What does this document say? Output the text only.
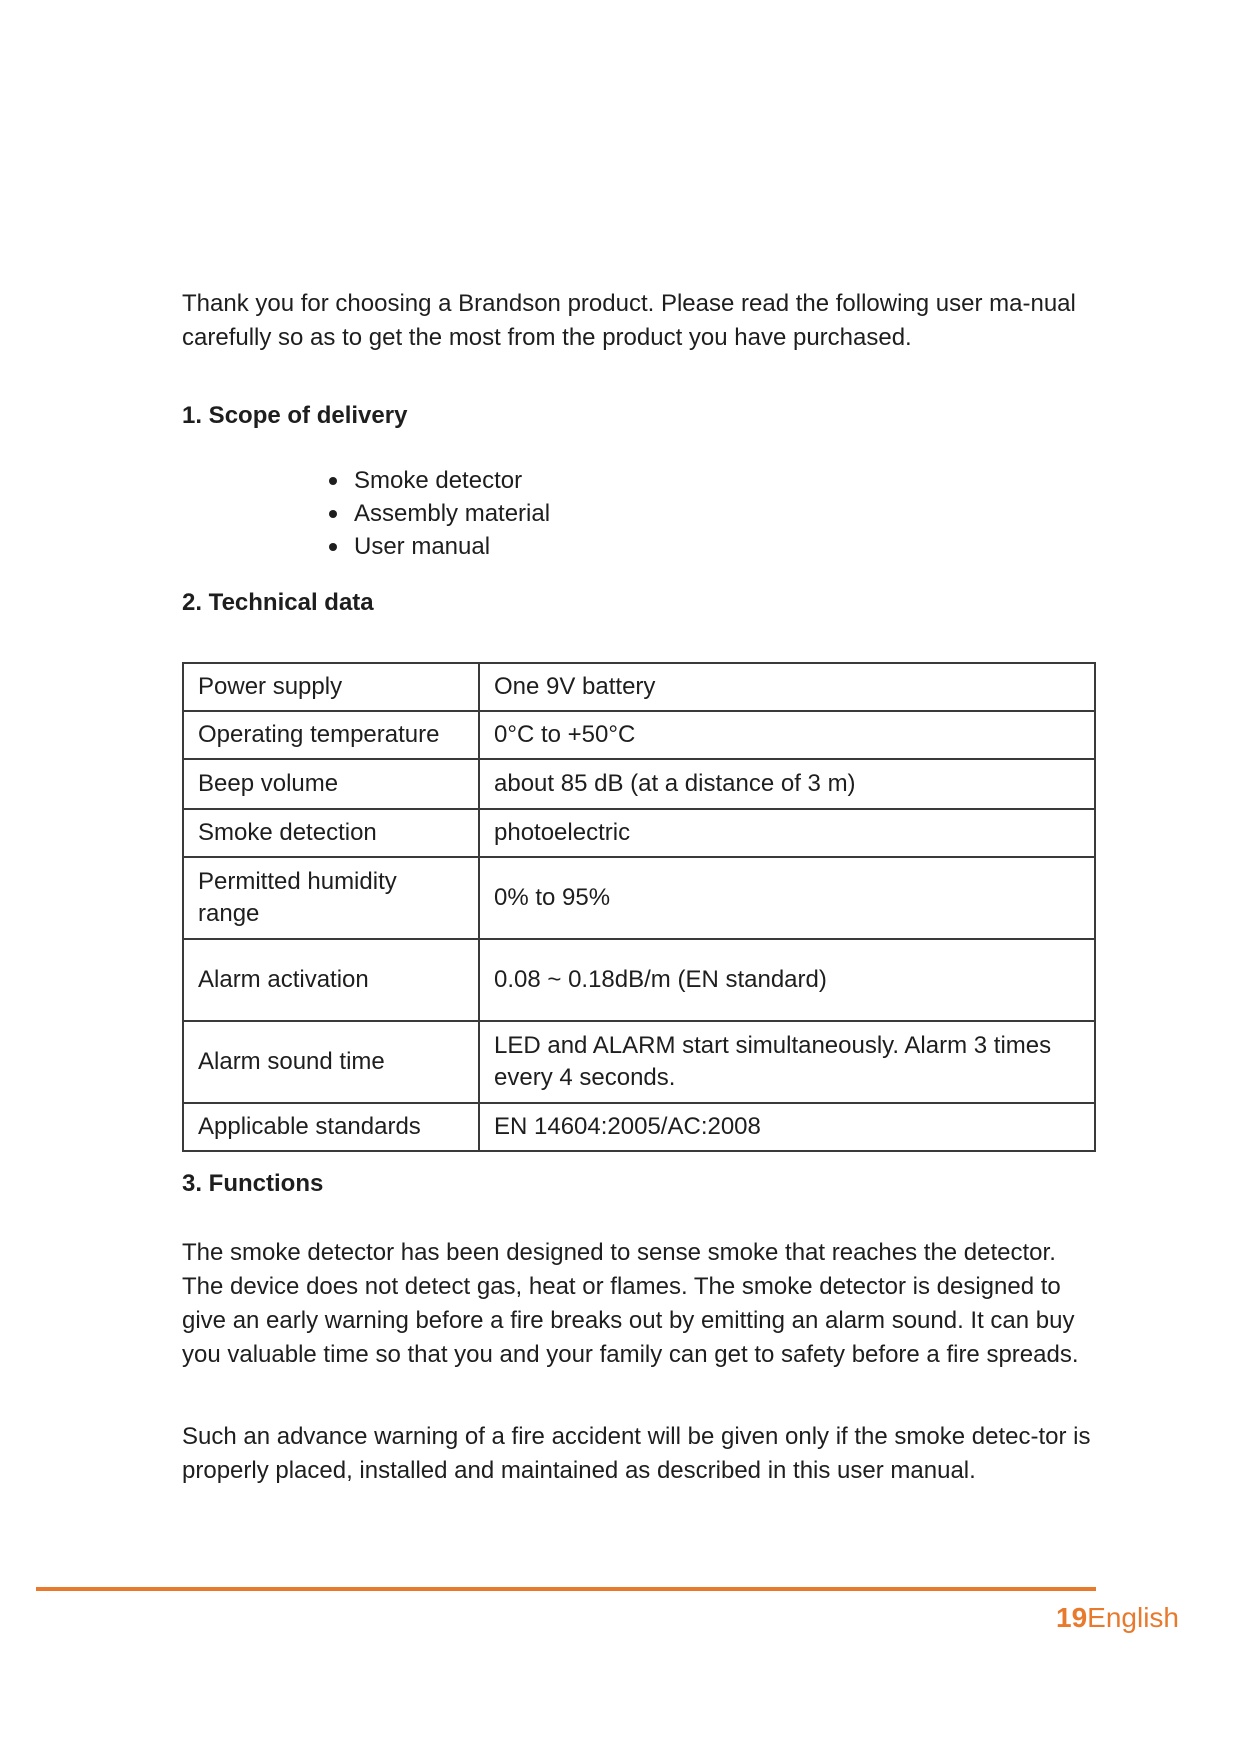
Thank you for choosing a Brandson product. Please read the following user ma-nual carefully so as to get the most from the product you have purchased.

1. Scope of delivery
Smoke detector
Assembly material
User manual
2. Technical data
Power supply	One 9V battery
Operating temperature	0°C to +50°C
Beep volume	about 85 dB (at a distance of 3 m)
Smoke detection	photoelectric
Permitted humidity range	0% to 95%
Alarm activation	0.08 ~ 0.18dB/m (EN standard)
Alarm sound time	LED and ALARM start simultaneously. Alarm 3 times every 4 seconds.
Applicable standards	EN 14604:2005/AC:2008
3. Functions

The smoke detector has been designed to sense smoke that reaches the detector. The device does not detect gas, heat or flames. The smoke detector is designed to give an early warning before a fire breaks out by emitting an alarm sound. It can buy you valuable time so that you and your family can get to safety before a fire spreads.

Such an advance warning of a fire accident will be given only if the smoke detec-tor is properly placed, installed and maintained as described in this user manual.

19English
